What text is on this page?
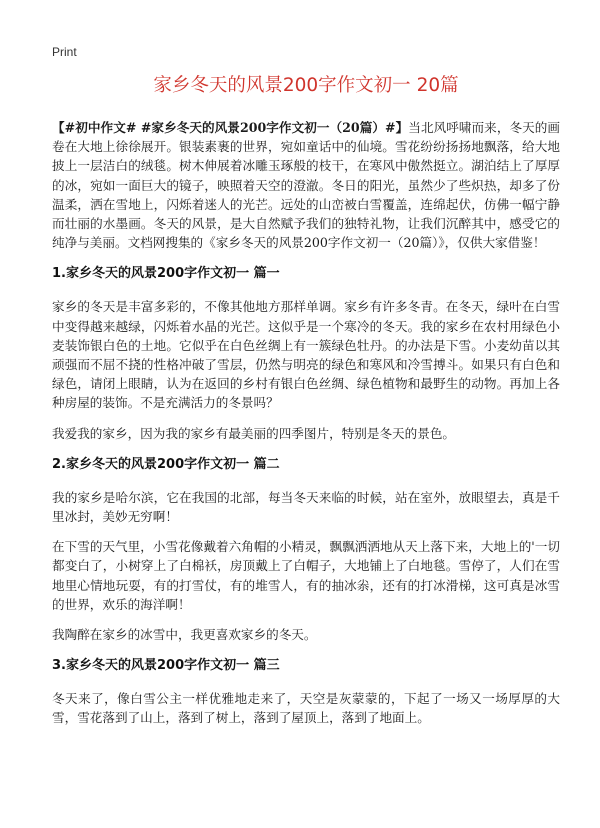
Print
家乡冬天的风景200字作文初一 20篇

【#初中作文# #家乡冬天的风景200字作文初一（20篇）#】当北风呼啸而来，冬天的画卷在大地上徐徐展开。银装素裹的世界，宛如童话中的仙境。雪花纷纷扬扬地飘落，给大地披上一层洁白的绒毯。树木伸展着冰雕玉琢般的枝干，在寒风中傲然挺立。湖泊结上了厚厚的冰，宛如一面巨大的镜子，映照着天空的澄澈。冬日的阳光，虽然少了些炽热，却多了份温柔，洒在雪地上，闪烁着迷人的光芒。远处的山峦被白雪覆盖，连绵起伏，仿佛一幅宁静而壮丽的水墨画。冬天的风景，是大自然赋予我们的独特礼物，让我们沉醉其中，感受它的纯净与美丽。文档网搜集的《家乡冬天的风景200字作文初一（20篇）》，仅供大家借鉴！

1.家乡冬天的风景200字作文初一 篇一

家乡的冬天是丰富多彩的，不像其他地方那样单调。家乡有许多冬青。在冬天，绿叶在白雪中变得越来越绿，闪烁着水晶的光芒。这似乎是一个寒冷的冬天。我的家乡在农村用绿色小麦装饰银白色的土地。它似乎在白色丝绸上有一簇绿色牡丹。的办法是下雪。小麦幼苗以其顽强而不屈不挠的性格冲破了雪层，仍然与明亮的绿色和寒风和冷雪搏斗。如果只有白色和绿色，请闭上眼睛，认为在返回的乡村有银白色丝绸、绿色植物和最野生的动物。再加上各种房屋的装饰。不是充满活力的冬景吗？

我爱我的家乡，因为我的家乡有最美丽的四季图片，特别是冬天的景色。

2.家乡冬天的风景200字作文初一 篇二

我的家乡是哈尔滨，它在我国的北部，每当冬天来临的时候，站在室外，放眼望去，真是千里冰封，美妙无穷啊！

在下雪的天气里，小雪花像戴着六角帽的小精灵，飘飘洒洒地从天上落下来，大地上的'一切都变白了，小树穿上了白棉袄，房顶戴上了白帽子，大地铺上了白地毯。雪停了，人们在雪地里心情地玩耍，有的打雪仗，有的堆雪人，有的抽冰尜，还有的打冰滑梯，这可真是冰雪的世界，欢乐的海洋啊！

我陶醉在家乡的冰雪中，我更喜欢家乡的冬天。

3.家乡冬天的风景200字作文初一 篇三

冬天来了，像白雪公主一样优雅地走来了，天空是灰蒙蒙的，下起了一场又一场厚厚的大雪，雪花落到了山上，落到了树上，落到了屋顶上，落到了地面上。
